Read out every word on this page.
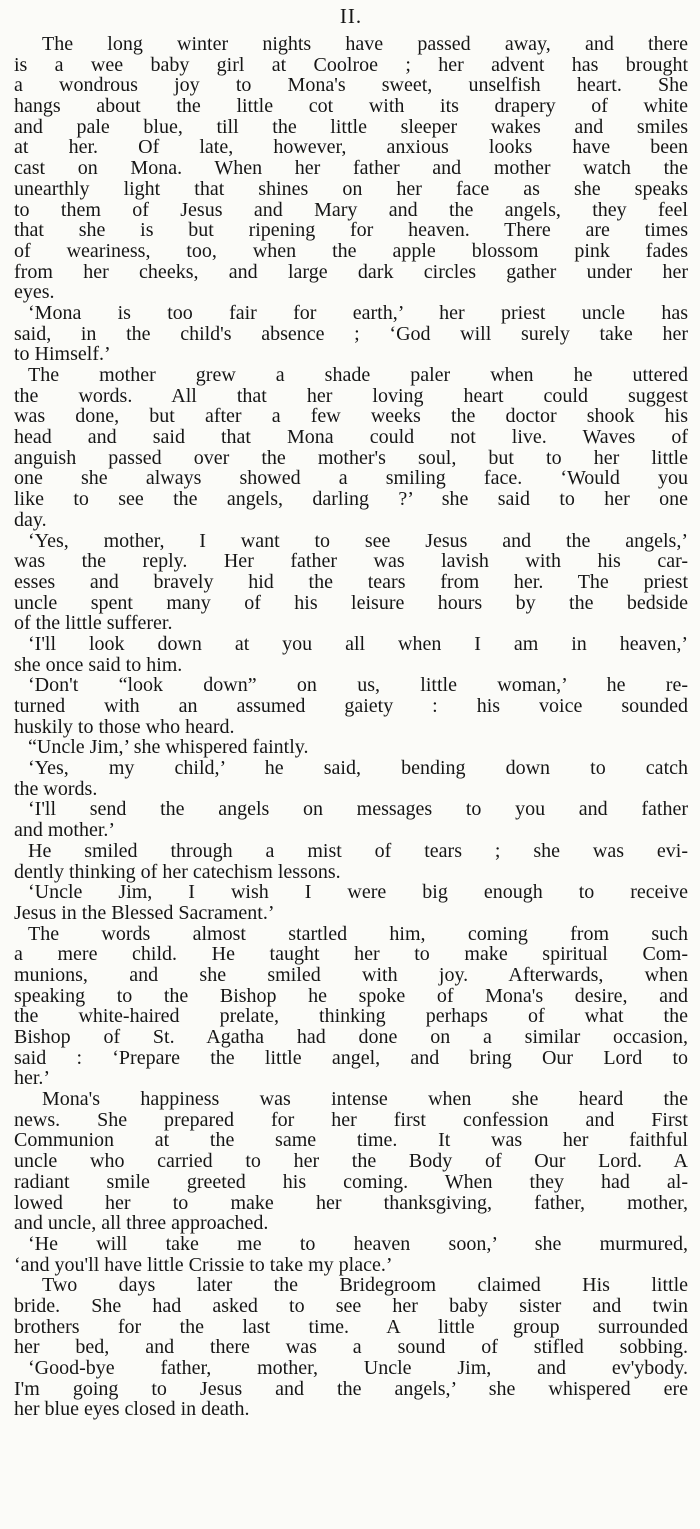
II.
The long winter nights have passed away, and there
is a wee baby girl at Coolroe ; her advent has brought
a wondrous joy to Mona's sweet, unselfish heart. She
hangs about the little cot with its drapery of white
and pale blue, till the little sleeper wakes and smiles
at her. Of late, however, anxious looks have been
cast on Mona. When her father and mother watch the
unearthly light that shines on her face as she speaks
to them of Jesus and Mary and the angels, they feel
that she is but ripening for heaven. There are times
of weariness, too, when the apple blossom pink fades
from her cheeks, and large dark circles gather under her
eyes.
‘Mona is too fair for earth,’ her priest uncle has
said, in the child's absence ; ‘God will surely take her
to Himself.’
The mother grew a shade paler when he uttered
the words. All that her loving heart could suggest
was done, but after a few weeks the doctor shook his
head and said that Mona could not live. Waves of
anguish passed over the mother's soul, but to her little
one she always showed a smiling face. ‘Would you
like to see the angels, darling ?’ she said to her one
day.
‘Yes, mother, I want to see Jesus and the angels,’
was the reply. Her father was lavish with his car-
esses and bravely hid the tears from her. The priest
uncle spent many of his leisure hours by the bedside
of the little sufferer.
‘I'll look down at you all when I am in heaven,’
she once said to him.
‘Don't “look down” on us, little woman,’ he re-
turned with an assumed gaiety : his voice sounded
huskily to those who heard.
“Uncle Jim,’ she whispered faintly.
‘Yes, my child,’ he said, bending down to catch
the words.
‘I'll send the angels on messages to you and father
and mother.’
He smiled through a mist of tears ; she was evi-
dently thinking of her catechism lessons.
‘Uncle Jim, I wish I were big enough to receive
Jesus in the Blessed Sacrament.’
The words almost startled him, coming from such
a mere child. He taught her to make spiritual Com-
munions, and she smiled with joy. Afterwards, when
speaking to the Bishop he spoke of Mona's desire, and
the white-haired prelate, thinking perhaps of what the
Bishop of St. Agatha had done on a similar occasion,
said : ‘Prepare the little angel, and bring Our Lord to
her.’
Mona's happiness was intense when she heard the
news. She prepared for her first confession and First
Communion at the same time. It was her faithful
uncle who carried to her the Body of Our Lord. A
radiant smile greeted his coming. When they had al-
lowed her to make her thanksgiving, father, mother,
and uncle, all three approached.
‘He will take me to heaven soon,’ she murmured,
‘and you'll have little Crissie to take my place.’
Two days later the Bridegroom claimed His little
bride. She had asked to see her baby sister and twin
brothers for the last time. A little group surrounded
her bed, and there was a sound of stifled sobbing.
‘Good-bye father, mother, Uncle Jim, and ev'ybody.
I'm going to Jesus and the angels,’ she whispered ere
her blue eyes closed in death.
